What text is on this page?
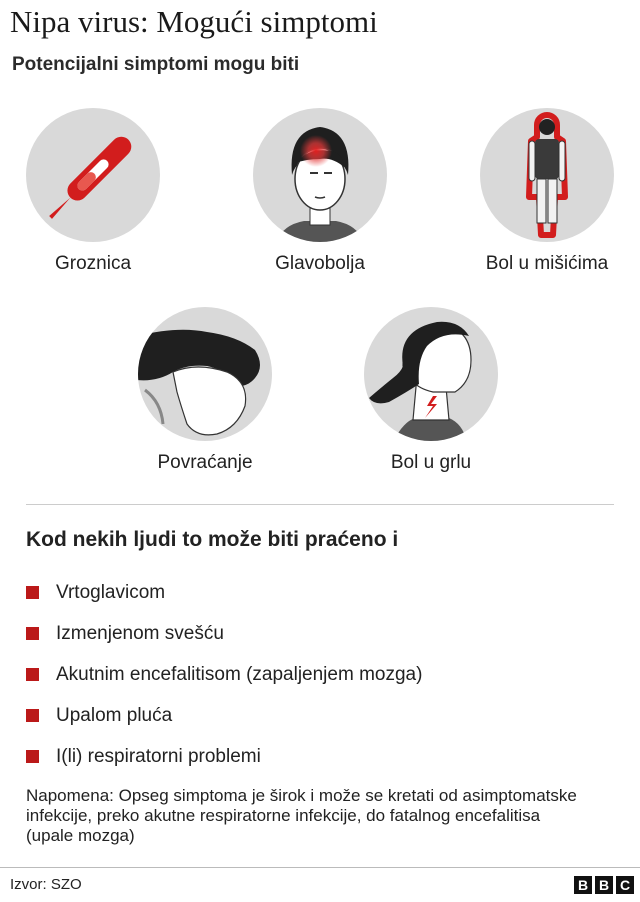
Nipa virus: Mogući simptomi
Potencijalni simptomi mogu biti
Groznica	Glavobolja	Bol u mišićima
Povraćanje	Bol u grlu
Kod nekih ljudi to može biti praćeno i
Vrtoglavicom
Izmenjenom svešću
Akutnim encefalitisom (zapaljenjem mozga)
Upalom pluća
I(li) respiratorni problemi
Napomena: Opseg simptoma je širok i može se kretati od asimptomatske infekcije, preko akutne respiratorne infekcije, do fatalnog encefalitisa (upale mozga)
Izvor: SZO	B B C
